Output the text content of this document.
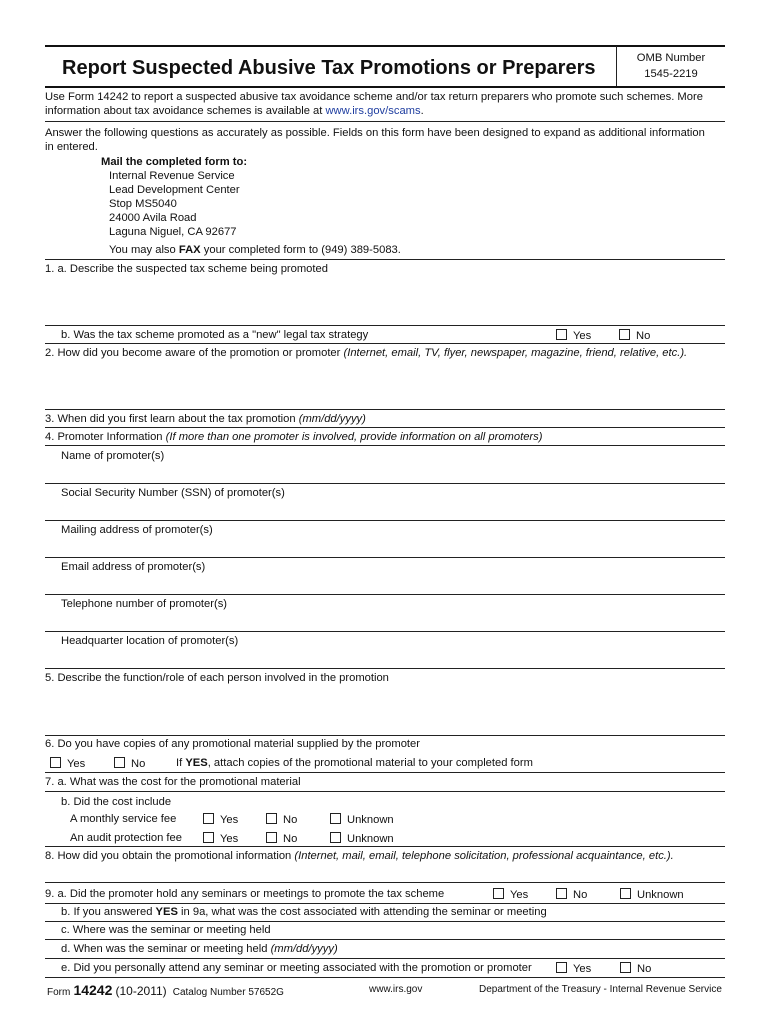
Report Suspected Abusive Tax Promotions or Preparers	OMB Number
1545-2219
Use Form 14242 to report a suspected abusive tax avoidance scheme and/or tax return preparers who promote such schemes. More
information about tax avoidance schemes is available at www.irs.gov/scams.
Answer the following questions as accurately as possible. Fields on this form have been designed to expand as additional information
in entered.
Mail the completed form to:
Internal Revenue Service
Lead Development Center
Stop MS5040
24000 Avila Road
Laguna Niguel, CA 92677
You may also FAX your completed form to (949) 389-5083.
1. a. Describe the suspected tax scheme being promoted
b. Was the tax scheme promoted as a "new" legal tax strategy	Yes	No
2. How did you become aware of the promotion or promoter (Internet, email, TV, flyer, newspaper, magazine, friend, relative, etc.).
3. When did you first learn about the tax promotion (mm/dd/yyyy)
4. Promoter Information (If more than one promoter is involved, provide information on all promoters)
Name of promoter(s)
Social Security Number (SSN) of promoter(s)
Mailing address of promoter(s)
Email address of promoter(s)
Telephone number of promoter(s)
Headquarter location of promoter(s)
5. Describe the function/role of each person involved in the promotion
6. Do you have copies of any promotional material supplied by the promoter
Yes	No	If YES, attach copies of the promotional material to your completed form
7. a. What was the cost for the promotional material
b. Did the cost include
A monthly service fee	Yes	No	Unknown
An audit protection fee	Yes	No	Unknown
8. How did you obtain the promotional information (Internet, mail, email, telephone solicitation, professional acquaintance, etc.).
9. a. Did the promoter hold any seminars or meetings to promote the tax scheme	Yes	No	Unknown
b. If you answered YES in 9a, what was the cost associated with attending the seminar or meeting
c. Where was the seminar or meeting held
d. When was the seminar or meeting held (mm/dd/yyyy)
e. Did you personally attend any seminar or meeting associated with the promotion or promoter	Yes	No
Form 14242 (10-2011) Catalog Number 57652G	www.irs.gov	Department of the Treasury - Internal Revenue Service
